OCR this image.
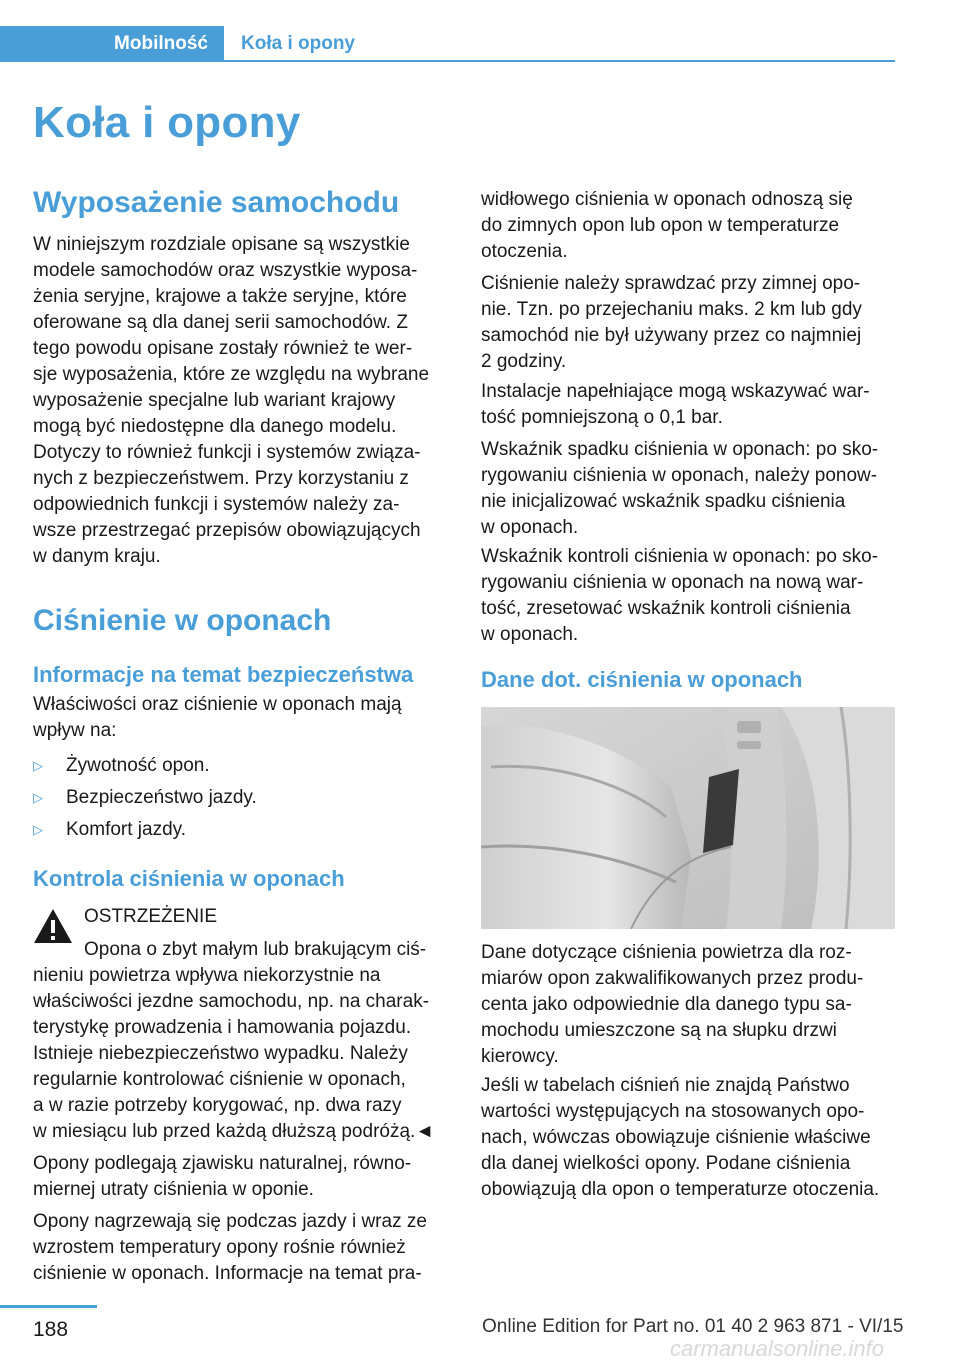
Mobilność Koła i opony
Koła i opony
Wyposażenie samochodu

W niniejszym rozdziale opisane są wszystkie

modele samochodów oraz wszystkie wyposa-

żenia seryjne, krajowe a także seryjne, które

oferowane są dla danej serii samochodów. Z

tego powodu opisane zostały również te wer-

sje wyposażenia, które ze względu na wybrane

wyposażenie specjalne lub wariant krajowy

mogą być niedostępne dla danego modelu.

Dotyczy to również funkcji i systemów związa-

nych z bezpieczeństwem. Przy korzystaniu z

odpowiednich funkcji i systemów należy za-

wsze przestrzegać przepisów obowiązujących

w danym kraju.

Ciśnienie w oponach
Informacje na temat bezpieczeństwa

Właściwości oraz ciśnienie w oponach mają

wpływ na:

▷ Żywotność opon.
▷ Bezpieczeństwo jazdy.
▷ Komfort jazdy.
Kontrola ciśnienia w oponach
OSTRZEŻENIE
Opona o zbyt małym lub brakującym ciś-

nieniu powietrza wpływa niekorzystnie na

właściwości jezdne samochodu, np. na charak-

terystykę prowadzenia i hamowania pojazdu.

Istnieje niebezpieczeństwo wypadku. Należy

regularnie kontrolować ciśnienie w oponach,

a w razie potrzeby korygować, np. dwa razy

w miesiącu lub przed każdą dłuższą podróżą.◄

Opony podlegają zjawisku naturalnej, równo-

miernej utraty ciśnienia w oponie.

Opony nagrzewają się podczas jazdy i wraz ze

wzrostem temperatury opony rośnie również

ciśnienie w oponach. Informacje na temat pra-

widłowego ciśnienia w oponach odnoszą się

do zimnych opon lub opon w temperaturze

otoczenia.

Ciśnienie należy sprawdzać przy zimnej opo-

nie. Tzn. po przejechaniu maks. 2 km lub gdy

samochód nie był używany przez co najmniej

2 godziny.

Instalacje napełniające mogą wskazywać war-

tość pomniejszoną o 0,1 bar.

Wskaźnik spadku ciśnienia w oponach: po sko-

rygowaniu ciśnienia w oponach, należy ponow-

nie inicjalizować wskaźnik spadku ciśnienia

w oponach.

Wskaźnik kontroli ciśnienia w oponach: po sko-

rygowaniu ciśnienia w oponach na nową war-

tość, zresetować wskaźnik kontroli ciśnienia

w oponach.

Dane dot. ciśnienia w oponach

Dane dotyczące ciśnienia powietrza dla roz-

miarów opon zakwalifikowanych przez produ-

centa jako odpowiednie dla danego typu sa-

mochodu umieszczone są na słupku drzwi

kierowcy.

Jeśli w tabelach ciśnień nie znajdą Państwo

wartości występujących na stosowanych opo-

nach, wówczas obowiązuje ciśnienie właściwe

dla danej wielkości opony. Podane ciśnienia

obowiązują dla opon o temperaturze otoczenia.

188	Online Edition for Part no. 01 40 2 963 871 - VI/15
carmanualsonline.info
